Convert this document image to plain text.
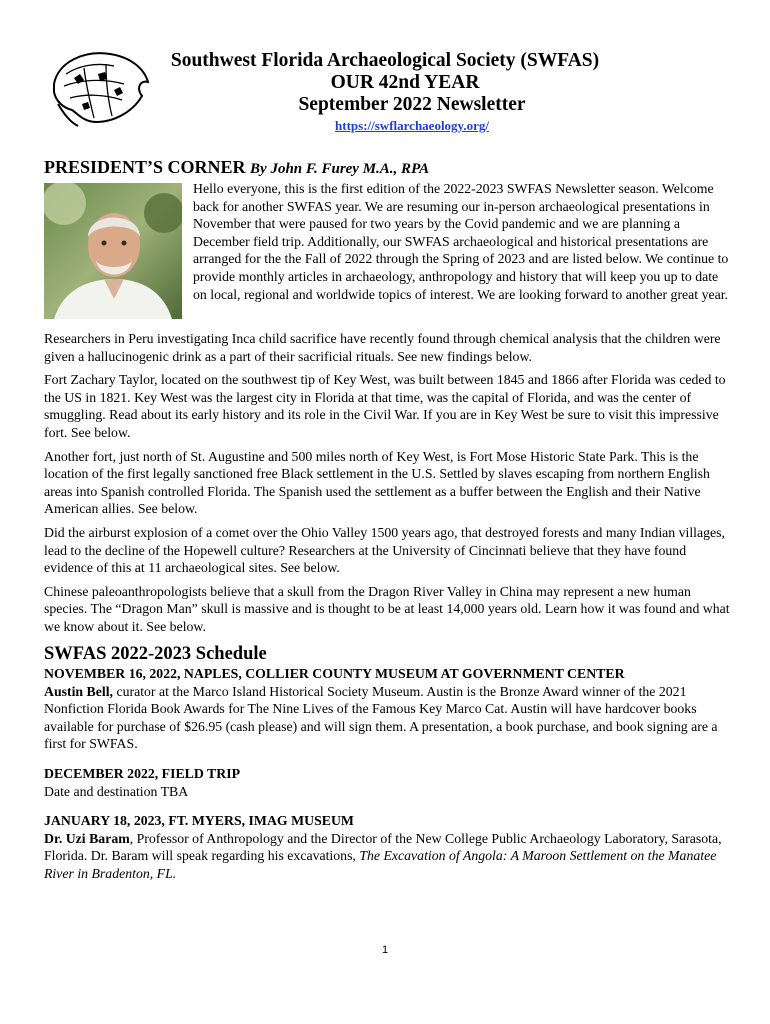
Southwest Florida Archaeological Society (SWFAS)
OUR 42nd YEAR
September 2022 Newsletter
https://swflarchaeology.org/
PRESIDENT’S CORNER By John F. Furey M.A., RPA
Hello everyone, this is the first edition of the 2022-2023 SWFAS Newsletter season. Welcome back for another SWFAS year. We are resuming our in-person archaeological presentations in November that were paused for two years by the Covid pandemic and we are planning a December field trip. Additionally, our SWFAS archaeological and historical presentations are arranged for the the Fall of 2022 through the Spring of 2023 and are listed below. We continue to provide monthly articles in archaeology, anthropology and history that will keep you up to date on local, regional and worldwide topics of interest. We are looking forward to another great year.

Researchers in Peru investigating Inca child sacrifice have recently found through chemical analysis that the children were given a hallucinogenic drink as a part of their sacrificial rituals. See new findings below.

Fort Zachary Taylor, located on the southwest tip of Key West, was built between 1845 and 1866 after Florida was ceded to the US in 1821. Key West was the largest city in Florida at that time, was the capital of Florida, and was the center of smuggling. Read about its early history and its role in the Civil War. If you are in Key West be sure to visit this impressive fort. See below.

Another fort, just north of St. Augustine and 500 miles north of Key West, is Fort Mose Historic State Park. This is the location of the first legally sanctioned free Black settlement in the U.S. Settled by slaves escaping from northern English areas into Spanish controlled Florida. The Spanish used the settlement as a buffer between the English and their Native American allies. See below.

Did the airburst explosion of a comet over the Ohio Valley 1500 years ago, that destroyed forests and many Indian villages, lead to the decline of the Hopewell culture? Researchers at the University of Cincinnati believe that they have found evidence of this at 11 archaeological sites. See below.

Chinese paleoanthropologists believe that a skull from the Dragon River Valley in China may represent a new human species. The “Dragon Man” skull is massive and is thought to be at least 14,000 years old. Learn how it was found and what we know about it. See below.

SWFAS 2022-2023 Schedule
NOVEMBER 16, 2022, NAPLES, COLLIER COUNTY MUSEUM AT GOVERNMENT CENTER
Austin Bell, curator at the Marco Island Historical Society Museum. Austin is the Bronze Award winner of the 2021 Nonfiction Florida Book Awards for The Nine Lives of the Famous Key Marco Cat. Austin will have hardcover books available for purchase of $26.95 (cash please) and will sign them. A presentation, a book purchase, and book signing are a first for SWFAS.
DECEMBER 2022, FIELD TRIP
Date and destination TBA
JANUARY 18, 2023, FT. MYERS, IMAG MUSEUM
Dr. Uzi Baram, Professor of Anthropology and the Director of the New College Public Archaeology Laboratory, Sarasota, Florida. Dr. Baram will speak regarding his excavations, The Excavation of Angola: A Maroon Settlement on the Manatee River in Bradenton, FL.
1
